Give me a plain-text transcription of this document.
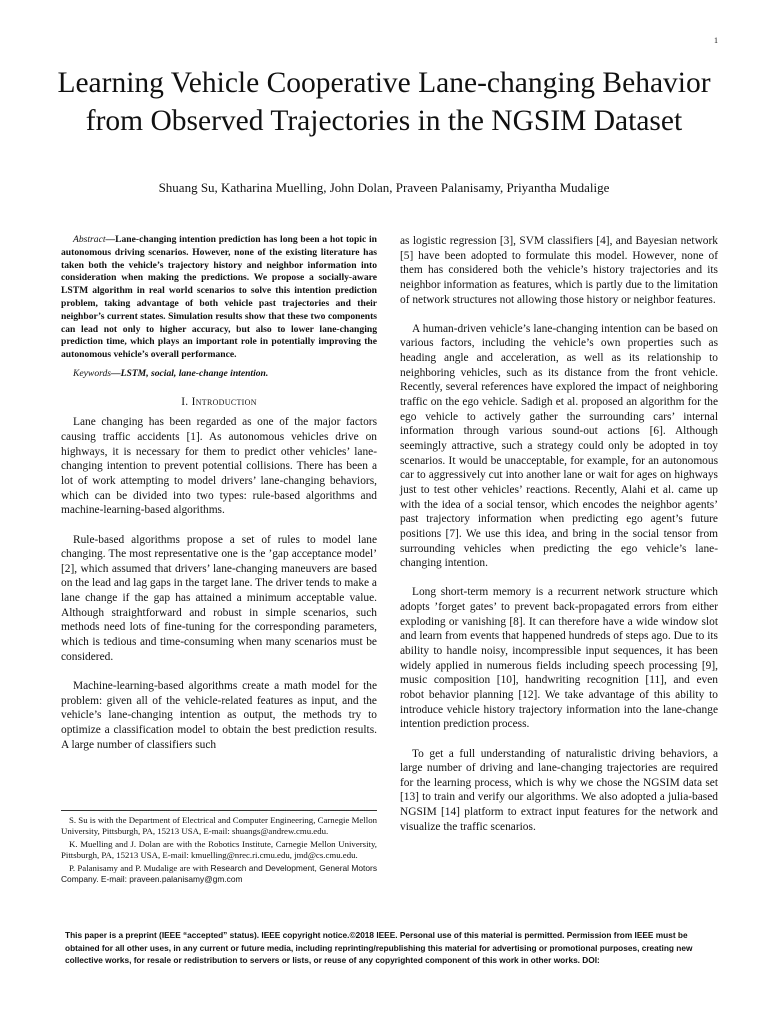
1
Learning Vehicle Cooperative Lane-changing Behavior from Observed Trajectories in the NGSIM Dataset

Shuang Su, Katharina Muelling, John Dolan, Praveen Palanisamy, Priyantha Mudalige

Abstract—Lane-changing intention prediction has long been a hot topic in autonomous driving scenarios. However, none of the existing literature has taken both the vehicle’s trajectory history and neighbor information into consideration when making the predictions. We propose a socially-aware LSTM algorithm in real world scenarios to solve this intention prediction problem, taking advantage of both vehicle past trajectories and their neighbor’s current states. Simulation results show that these two components can lead not only to higher accuracy, but also to lower lane-changing prediction time, which plays an important role in potentially improving the autonomous vehicle’s overall performance.

Keywords—LSTM, social, lane-change intention.

I. Introduction

Lane changing has been regarded as one of the major factors causing traffic accidents [1]. As autonomous vehicles drive on highways, it is necessary for them to predict other vehicles’ lane-changing intention to prevent potential collisions. There has been a lot of work attempting to model drivers’ lane-changing behaviors, which can be divided into two types: rule-based algorithms and machine-learning-based algorithms.

Rule-based algorithms propose a set of rules to model lane changing. The most representative one is the ’gap acceptance model’ [2], which assumed that drivers’ lane-changing maneuvers are based on the lead and lag gaps in the target lane. The driver tends to make a lane change if the gap has attained a minimum acceptable value. Although straightforward and robust in simple scenarios, such methods need lots of fine-tuning for the corresponding parameters, which is tedious and time-consuming when many scenarios must be considered.

Machine-learning-based algorithms create a math model for the problem: given all of the vehicle-related features as input, and the vehicle’s lane-changing intention as output, the methods try to optimize a classification model to obtain the best prediction results. A large number of classifiers such

as logistic regression [3], SVM classifiers [4], and Bayesian network [5] have been adopted to formulate this model. However, none of them has considered both the vehicle’s history trajectories and its neighbor information as features, which is partly due to the limitation of network structures not allowing those history or neighbor features.

A human-driven vehicle’s lane-changing intention can be based on various factors, including the vehicle’s own properties such as heading angle and acceleration, as well as its relationship to neighboring vehicles, such as its distance from the front vehicle. Recently, several references have explored the impact of neighboring traffic on the ego vehicle. Sadigh et al. proposed an algorithm for the ego vehicle to actively gather the surrounding cars’ internal information through various sound-out actions [6]. Although seemingly attractive, such a strategy could only be adopted in toy scenarios. It would be unacceptable, for example, for an autonomous car to aggressively cut into another lane or wait for ages on highways just to test other vehicles’ reactions. Recently, Alahi et al. came up with the idea of a social tensor, which encodes the neighbor agents’ past trajectory information when predicting ego agent’s future positions [7]. We use this idea, and bring in the social tensor from surrounding vehicles when predicting the ego vehicle’s lane-changing intention.

Long short-term memory is a recurrent network structure which adopts ’forget gates’ to prevent back-propagated errors from either exploding or vanishing [8]. It can therefore have a wide window slot and learn from events that happened hundreds of steps ago. Due to its ability to handle noisy, incompressible input sequences, it has been widely applied in numerous fields including speech processing [9], music composition [10], handwriting recognition [11], and even robot behavior planning [12]. We take advantage of this ability to introduce vehicle history trajectory information into the lane-change intention prediction process.

To get a full understanding of naturalistic driving behaviors, a large number of driving and lane-changing trajectories are required for the learning process, which is why we chose the NGSIM data set [13] to train and verify our algorithms. We also adopted a julia-based NGSIM [14] platform to extract input features for the network and visualize the traffic scenarios.

S. Su is with the Department of Electrical and Computer Engineering, Carnegie Mellon University, Pittsburgh, PA, 15213 USA, E-mail: shuangs@andrew.cmu.edu.

K. Muelling and J. Dolan are with the Robotics Institute, Carnegie Mellon University, Pittsburgh, PA, 15213 USA, E-mail: kmuelling@nrec.ri.cmu.edu, jmd@cs.cmu.edu.

P. Palanisamy and P. Mudalige are with Research and Development, General Motors Company. E-mail: praveen.palanisamy@gm.com

This paper is a preprint (IEEE “accepted” status). IEEE copyright notice.©2018 IEEE. Personal use of this material is permitted. Permission from IEEE must be obtained for all other uses, in any current or future media, including reprinting/republishing this material for advertising or promotional purposes, creating new collective works, for resale or redistribution to servers or lists, or reuse of any copyrighted component of this work in other works. DOI:
